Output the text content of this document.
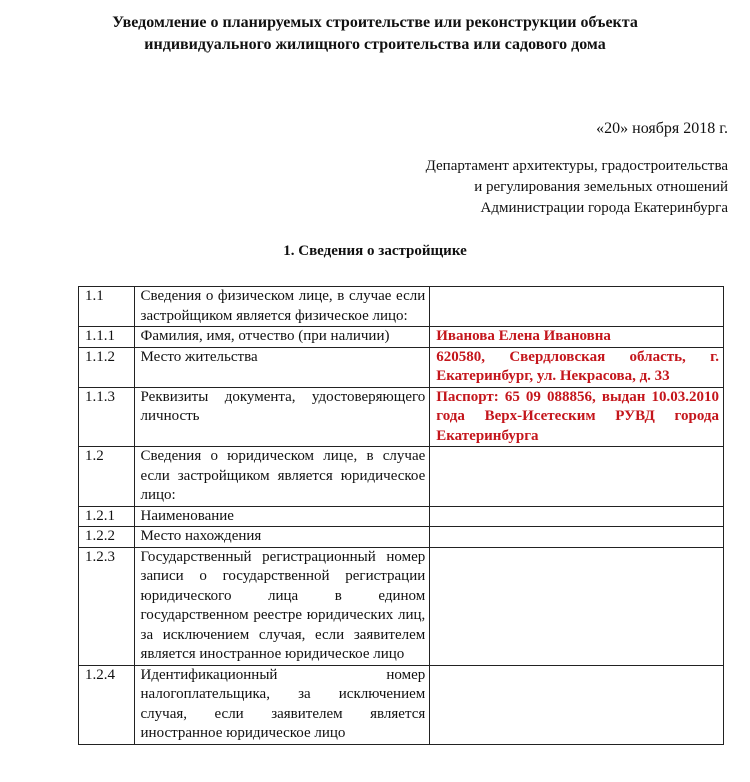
Уведомление о планируемых строительстве или реконструкции объекта
индивидуального жилищного строительства или садового дома
«20» ноября 2018 г.
Департамент архитектуры, градостроительства
и регулирования земельных отношений
Администрации города Екатеринбурга
1. Сведения о застройщике
1.1	Сведения о физическом лице, в случае если застройщиком является физическое лицо:	
1.1.1	Фамилия, имя, отчество (при наличии)	Иванова Елена Ивановна
1.1.2	Место жительства	620580, Свердловская область, г. Екатеринбург, ул. Некрасова, д. 33
1.1.3	Реквизиты документа, удостоверяющего личность	Паспорт: 65 09 088856, выдан 10.03.2010 года Верх-Исетеским РУВД города Екатеринбурга
1.2	Сведения о юридическом лице, в случае если застройщиком является юридическое лицо:	
1.2.1	Наименование	
1.2.2	Место нахождения	
1.2.3	Государственный регистрационный номер записи о государственной регистрации юридического лица в едином государственном реестре юридических лиц, за исключением случая, если заявителем является иностранное юридическое лицо	
1.2.4	Идентификационный номер налогоплательщика, за исключением случая, если заявителем является иностранное юридическое лицо	
